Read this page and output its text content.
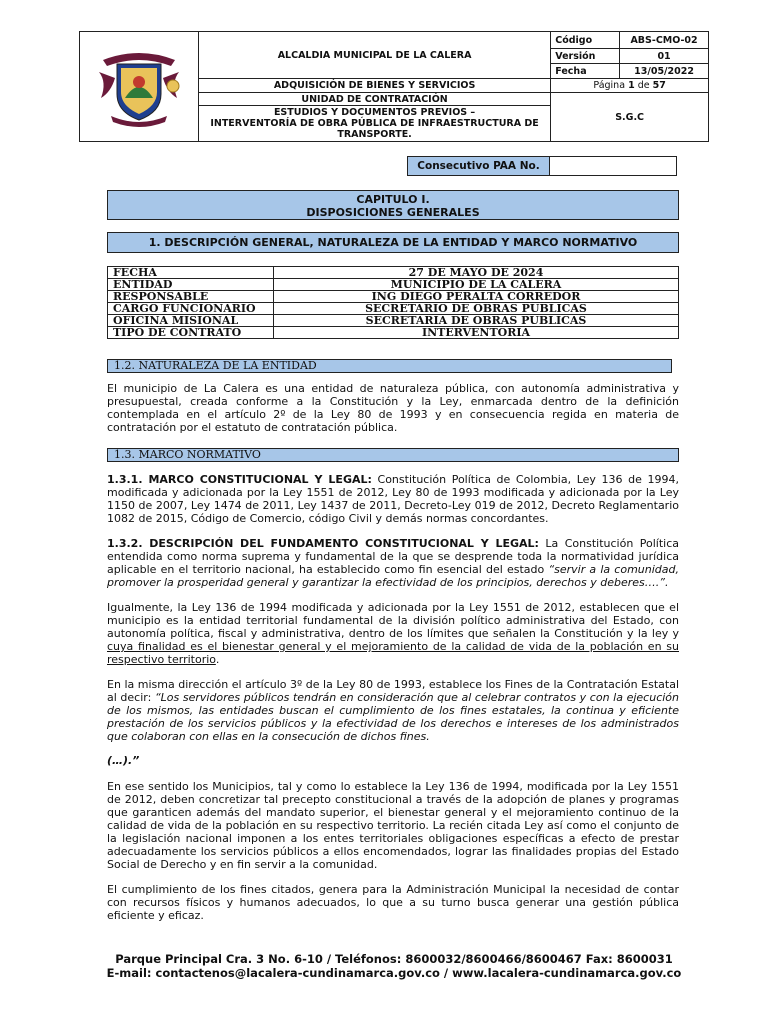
	ALCALDIA MUNICIPAL DE LA CALERA	Código	ABS-CMO-02
		Versión	01
		Fecha	13/05/2022
	ADQUISICIÓN DE BIENES Y SERVICIOS	Página 1 de 57	
	UNIDAD DE CONTRATACIÓN	S.G.C	

	ESTUDIOS Y DOCUMENTOS PREVIOS –
INTERVENTORÍA DE OBRA PÚBLICA DE INFRAESTRUCTURA DE
TRANSPORTE.		
Consecutivo PAA No.	
CAPITULO I.
DISPOSICIONES GENERALES
1. DESCRIPCIÓN GENERAL, NATURALEZA DE LA ENTIDAD Y MARCO NORMATIVO
FECHA	27 DE MAYO DE 2024
ENTIDAD	MUNICIPIO DE LA CALERA
RESPONSABLE	ING DIEGO PERALTA CORREDOR
CARGO FUNCIONARIO	SECRETARIO DE OBRAS PUBLICAS
OFICINA MISIONAL	SECRETARIA DE OBRAS PUBLICAS
TIPO DE CONTRATO	INTERVENTORIA
1.2. NATURALEZA DE LA ENTIDAD

El municipio de La Calera es una entidad de naturaleza pública, con autonomía administrativa y presupuestal, creada conforme a la Constitución y la Ley, enmarcada dentro de la definición contemplada en el artículo 2º de la Ley 80 de 1993 y en consecuencia regida en materia de contratación por el estatuto de contratación pública.

1.3. MARCO NORMATIVO

1.3.1. MARCO CONSTITUCIONAL Y LEGAL: Constitución Política de Colombia, Ley 136 de 1994, modificada y adicionada por la Ley 1551 de 2012, Ley 80 de 1993 modificada y adicionada por la Ley 1150 de 2007, Ley 1474 de 2011, Ley 1437 de 2011, Decreto-Ley 019 de 2012, Decreto Reglamentario 1082 de 2015, Código de Comercio, código Civil y demás normas concordantes.

1.3.2. DESCRIPCIÓN DEL FUNDAMENTO CONSTITUCIONAL Y LEGAL: La Constitución Política entendida como norma suprema y fundamental de la que se desprende toda la normatividad jurídica aplicable en el territorio nacional, ha establecido como fin esencial del estado “servir a la comunidad, promover la prosperidad general y garantizar la efectividad de los principios, derechos y deberes….”.

Igualmente, la Ley 136 de 1994 modificada y adicionada por la Ley 1551 de 2012, establecen que el municipio es la entidad territorial fundamental de la división político administrativa del Estado, con autonomía política, fiscal y administrativa, dentro de los límites que señalen la Constitución y la ley y cuya finalidad es el bienestar general y el mejoramiento de la calidad de vida de la población en su respectivo territorio.

En la misma dirección el artículo 3º de la Ley 80 de 1993, establece los Fines de la Contratación Estatal al decir: “Los servidores públicos tendrán en consideración que al celebrar contratos y con la ejecución de los mismos, las entidades buscan el cumplimiento de los fines estatales, la continua y eficiente prestación de los servicios públicos y la efectividad de los derechos e intereses de los administrados que colaboran con ellas en la consecución de dichos fines.

(…).”

En ese sentido los Municipios, tal y como lo establece la Ley 136 de 1994, modificada por la Ley 1551 de 2012, deben concretizar tal precepto constitucional a través de la adopción de planes y programas que garanticen además del mandato superior, el bienestar general y el mejoramiento continuo de la calidad de vida de la población en su respectivo territorio. La recién citada Ley así como el conjunto de la legislación nacional imponen a los entes territoriales obligaciones específicas a efecto de prestar adecuadamente los servicios públicos a ellos encomendados, lograr las finalidades propias del Estado Social de Derecho y en fin servir a la comunidad.

El cumplimiento de los fines citados, genera para la Administración Municipal la necesidad de contar con recursos físicos y humanos adecuados, lo que a su turno busca generar una gestión pública eficiente y eficaz.

Parque Principal Cra. 3 No. 6-10 / Teléfonos: 8600032/8600466/8600467 Fax: 8600031
E-mail: contactenos@lacalera-cundinamarca.gov.co / www.lacalera-cundinamarca.gov.co
